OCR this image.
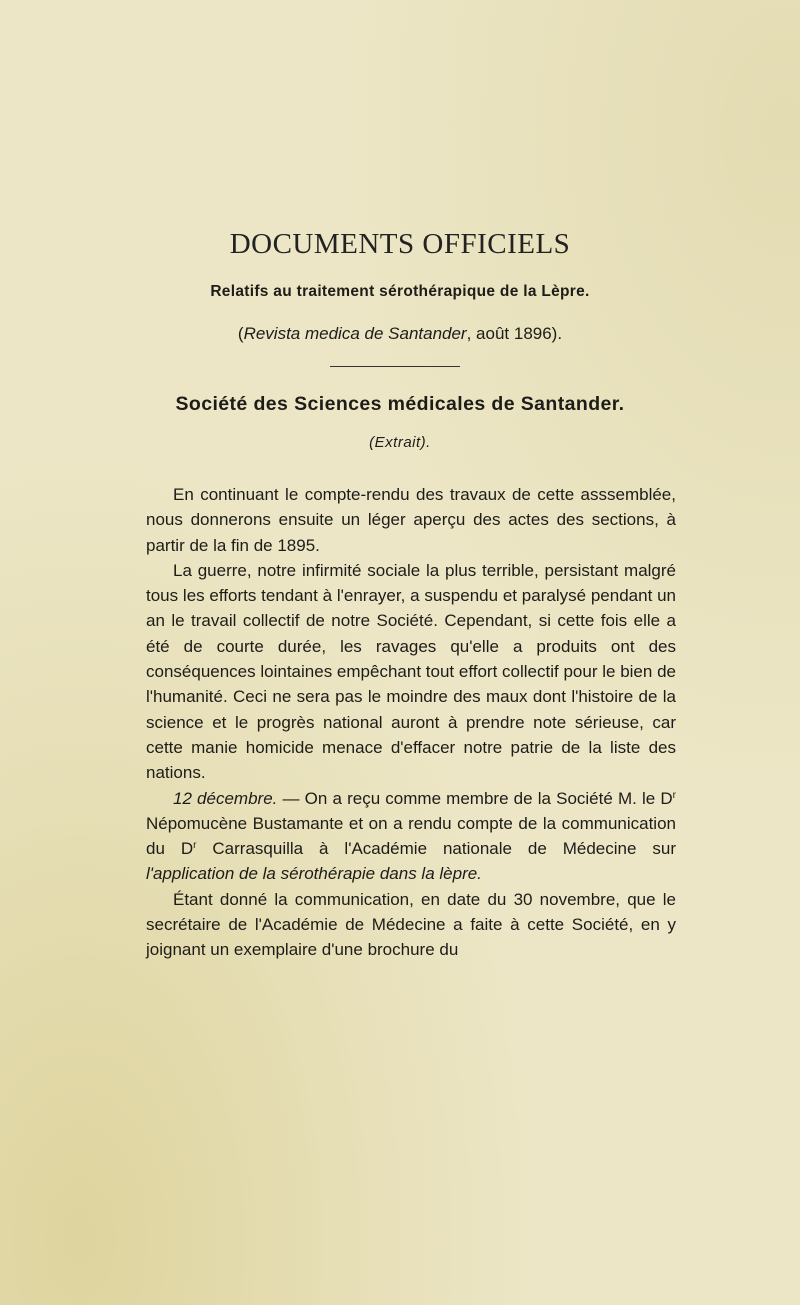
DOCUMENTS OFFICIELS
Relatifs au traitement sérothérapique de la Lèpre.
(Revista medica de Santander, août 1896).
Société des Sciences médicales de Santander.
(Extrait).

En continuant le compte-rendu des travaux de cette asssemblée, nous donnerons ensuite un léger aperçu des actes des sections, à partir de la fin de 1895.

La guerre, notre infirmité sociale la plus terrible, persistant malgré tous les efforts tendant à l'enrayer, a suspendu et paralysé pendant un an le travail collectif de notre Société. Cependant, si cette fois elle a été de courte durée, les ravages qu'elle a produits ont des conséquences lointaines empêchant tout effort collectif pour le bien de l'humanité. Ceci ne sera pas le moindre des maux dont l'histoire de la science et le progrès national auront à prendre note sérieuse, car cette manie homicide menace d'effacer notre patrie de la liste des nations.

12 décembre. — On a reçu comme membre de la Société M. le $D^r$ Népomucène Bustamante et on a rendu compte de la communication du $D^r$ Carrasquilla à l'Académie nationale de Médecine sur l'application de la sérothérapie dans la lèpre.

Étant donné la communication, en date du 30 novembre, que le secrétaire de l'Académie de Médecine a faite à cette Société, en y joignant un exemplaire d'une brochure du
